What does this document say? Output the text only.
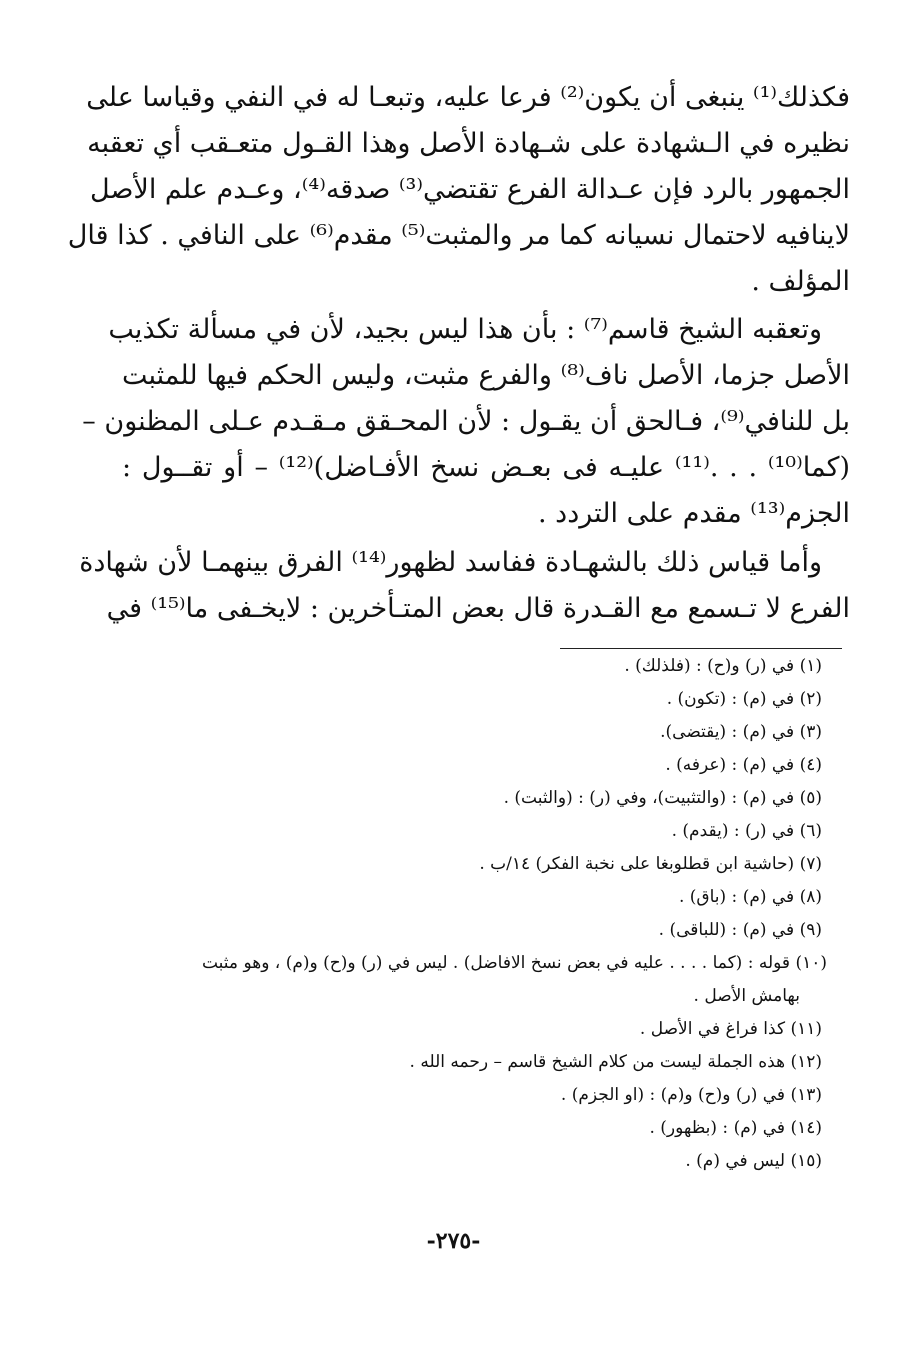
فكذلك⁽¹⁾ ينبغى أن يكون⁽²⁾ فرعا عليه، وتبعـا له في النفي وقياسا على
نظيره في الـشهادة على شـهادة الأصل وهذا القـول متعـقب أي تعقبه
الجمهور بالرد فإن عـدالة الفرع تقتضي⁽³⁾ صدقه⁽⁴⁾، وعـدم علم الأصل
لاينافيه لاحتمال نسيانه كما مر والمثبت⁽⁵⁾ مقدم⁽⁶⁾ على النافي . كذا قال
المؤلف .
وتعقبه الشيخ قاسم⁽⁷⁾ : بأن هذا ليس بجيد، لأن في مسألة تكذيب
الأصل جزما، الأصل ناف⁽⁸⁾ والفرع مثبت، وليس الحكم فيها للمثبت
بل للنافي⁽⁹⁾، فـالحق أن يقـول : لأن المحـقق مـقـدم عـلى المظنون –
(كما⁽¹⁰⁾ . . .⁽¹¹⁾ عليـه فى بعـض نسخ الأفـاضل)⁽¹²⁾ – أو تقــول :
الجزم⁽¹³⁾ مقدم على التردد .
وأما قياس ذلك بالشهـادة ففاسد لظهور⁽¹⁴⁾ الفرق بينهمـا لأن شهادة
الفرع لا تـسمع مع القـدرة قال بعض المتـأخرين : لايخـفى ما⁽¹⁵⁾ في
(١) في (ر) و(ح) : (فلذلك) .
(٢) في (م) : (تكون) .
(٣) في (م) : (يقتضى).
(٤) في (م) : (عرفه) .
(٥) في (م) : (والتثبيت)، وفي (ر) : (والثبت) .
(٦) في (ر) : (يقدم) .
(٧) (حاشية ابن قطلوبغا على نخبة الفكر) ١٤/ب .
(٨) في (م) : (باق) .
(٩) في (م) : (للباقى) .
(١٠) قوله : (كما . . . . عليه في بعض نسخ الافاضل) . ليس في (ر) و(ح) و(م) ، وهو مثبت
بهامش الأصل .
(١١) كذا فراغ في الأصل .
(١٢) هذه الجملة ليست من كلام الشيخ قاسم – رحمه الله .
(١٣) في (ر) و(ح) و(م) : (او الجزم) .
(١٤) في (م) : (بظهور) .
(١٥) ليس في (م) .
-٢٧٥-
